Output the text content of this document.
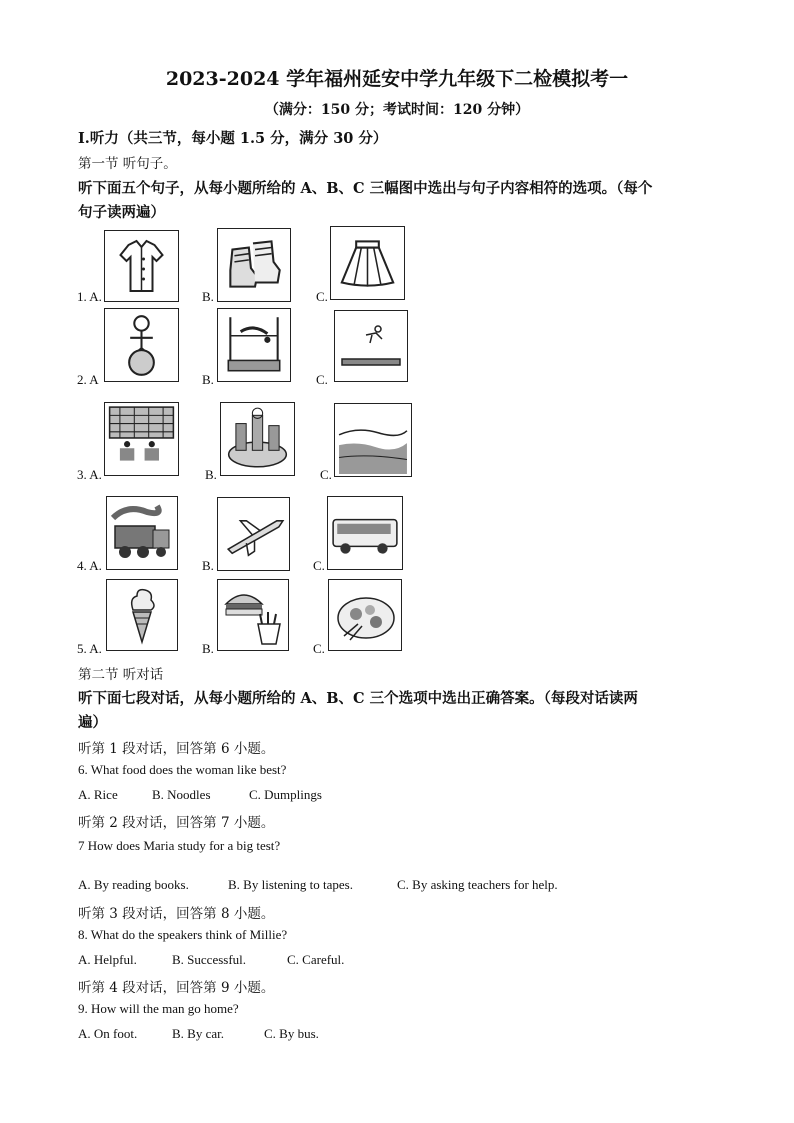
2023-2024 学年福州延安中学九年级下二检模拟考一
（满分：150 分；考试时间：120 分钟）
Ⅰ.听力（共三节，每小题 1.5 分，满分 30 分）
第一节 听句子。
听下面五个句子，从每小题所给的 A、B、C 三幅图中选出与句子内容相符的选项。（每个
句子读两遍）
1. A.	B.	C.
2. A	B.	C.
3. A.	B.	C.
4. A.	B.	C.
5. A.	B.	C.
第二节 听对话
听下面七段对话，从每小题所给的 A、B、C 三个选项中选出正确答案。（每段对话读两
遍）
听第 1 段对话，回答第 6 小题。
6. What food does the woman like best?
A. Rice	B. Noodles	C. Dumplings
听第 2 段对话，回答第 7 小题。
7 How does Maria study for a big test?
A. By reading books.	B. By listening to tapes.	C. By asking teachers for help.
听第 3 段对话，回答第 8 小题。
8. What do the speakers think of Millie?
A. Helpful.	B. Successful.	C. Careful.
听第 4 段对话，回答第 9 小题。
9. How will the man go home?
A. On foot.	B. By car.	C. By bus.
